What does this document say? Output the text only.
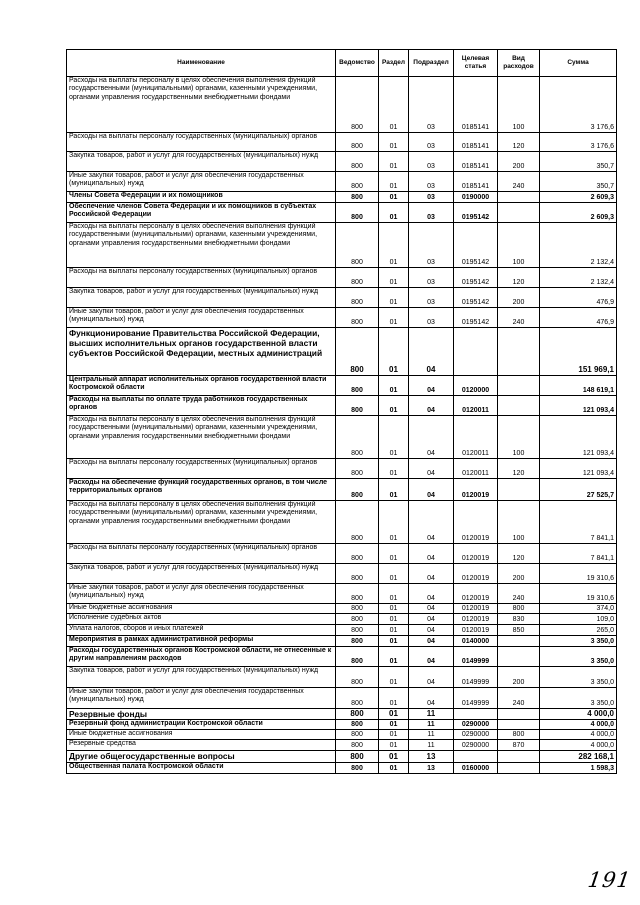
Наименование	Ведомство	Раздел	Подраздел	Целевая статья	Вид расходов	Сумма
Расходы на выплаты персоналу в целях обеспечения выполнения функций государственными (муниципальными) органами, казенными учреждениями, органами управления государственными внебюджетными фондами	800	01	03	0185141	100	3 176,6
Расходы на выплаты персоналу государственных (муниципальных) органов	800	01	03	0185141	120	3 176,6
Закупка товаров, работ и услуг для государственных (муниципальных) нужд	800	01	03	0185141	200	350,7
Иные закупки товаров, работ и услуг для обеспечения государственных (муниципальных) нужд	800	01	03	0185141	240	350,7
Члены Совета Федерации и их помощников	800	01	03	0190000		2 609,3
Обеспечение членов Совета Федерации и их помощников в субъектах Российской Федерации	800	01	03	0195142		2 609,3
Расходы на выплаты персоналу в целях обеспечения выполнения функций государственными (муниципальными) органами, казенными учреждениями, органами управления государственными внебюджетными фондами	800	01	03	0195142	100	2 132,4
Расходы на выплаты персоналу государственных (муниципальных) органов	800	01	03	0195142	120	2 132,4
Закупка товаров, работ и услуг для государственных (муниципальных) нужд	800	01	03	0195142	200	476,9
Иные закупки товаров, работ и услуг для обеспечения государственных (муниципальных) нужд	800	01	03	0195142	240	476,9
Функционирование Правительства Российской Федерации, высших исполнительных органов государственной власти субъектов Российской Федерации, местных администраций	800	01	04			151 969,1
Центральный аппарат исполнительных органов государственной власти Костромской области	800	01	04	0120000		148 619,1
Расходы на выплаты по оплате труда работников государственных органов	800	01	04	0120011		121 093,4
Расходы на выплаты персоналу в целях обеспечения выполнения функций государственными (муниципальными) органами, казенными учреждениями, органами управления государственными внебюджетными фондами	800	01	04	0120011	100	121 093,4
Расходы на выплаты персоналу государственных (муниципальных) органов	800	01	04	0120011	120	121 093,4
Расходы на обеспечение функций государственных органов, в том числе территориальных органов	800	01	04	0120019		27 525,7
Расходы на выплаты персоналу в целях обеспечения выполнения функций государственными (муниципальными) органами, казенными учреждениями, органами управления государственными внебюджетными фондами	800	01	04	0120019	100	7 841,1
Расходы на выплаты персоналу государственных (муниципальных) органов	800	01	04	0120019	120	7 841,1
Закупка товаров, работ и услуг для государственных (муниципальных) нужд	800	01	04	0120019	200	19 310,6
Иные закупки товаров, работ и услуг для обеспечения государственных (муниципальных) нужд	800	01	04	0120019	240	19 310,6
Иные бюджетные ассигнования	800	01	04	0120019	800	374,0
Исполнение судебных актов	800	01	04	0120019	830	109,0
Уплата налогов, сборов и иных платежей	800	01	04	0120019	850	265,0
Мероприятия в рамках административной реформы	800	01	04	0140000		3 350,0
Расходы государственных органов Костромской области, не отнесенные к другим направлениям расходов	800	01	04	0149999		3 350,0
Закупка товаров, работ и услуг для государственных (муниципальных) нужд	800	01	04	0149999	200	3 350,0
Иные закупки товаров, работ и услуг для обеспечения государственных (муниципальных) нужд	800	01	04	0149999	240	3 350,0
Резервные фонды	800	01	11			4 000,0
Резервный фонд администрации Костромской области	800	01	11	0290000		4 000,0
Иные бюджетные ассигнования	800	01	11	0290000	800	4 000,0
Резервные средства	800	01	11	0290000	870	4 000,0
Другие общегосударственные вопросы	800	01	13			282 168,1
Общественная палата Костромской области	800	01	13	0160000		1 598,3
191
